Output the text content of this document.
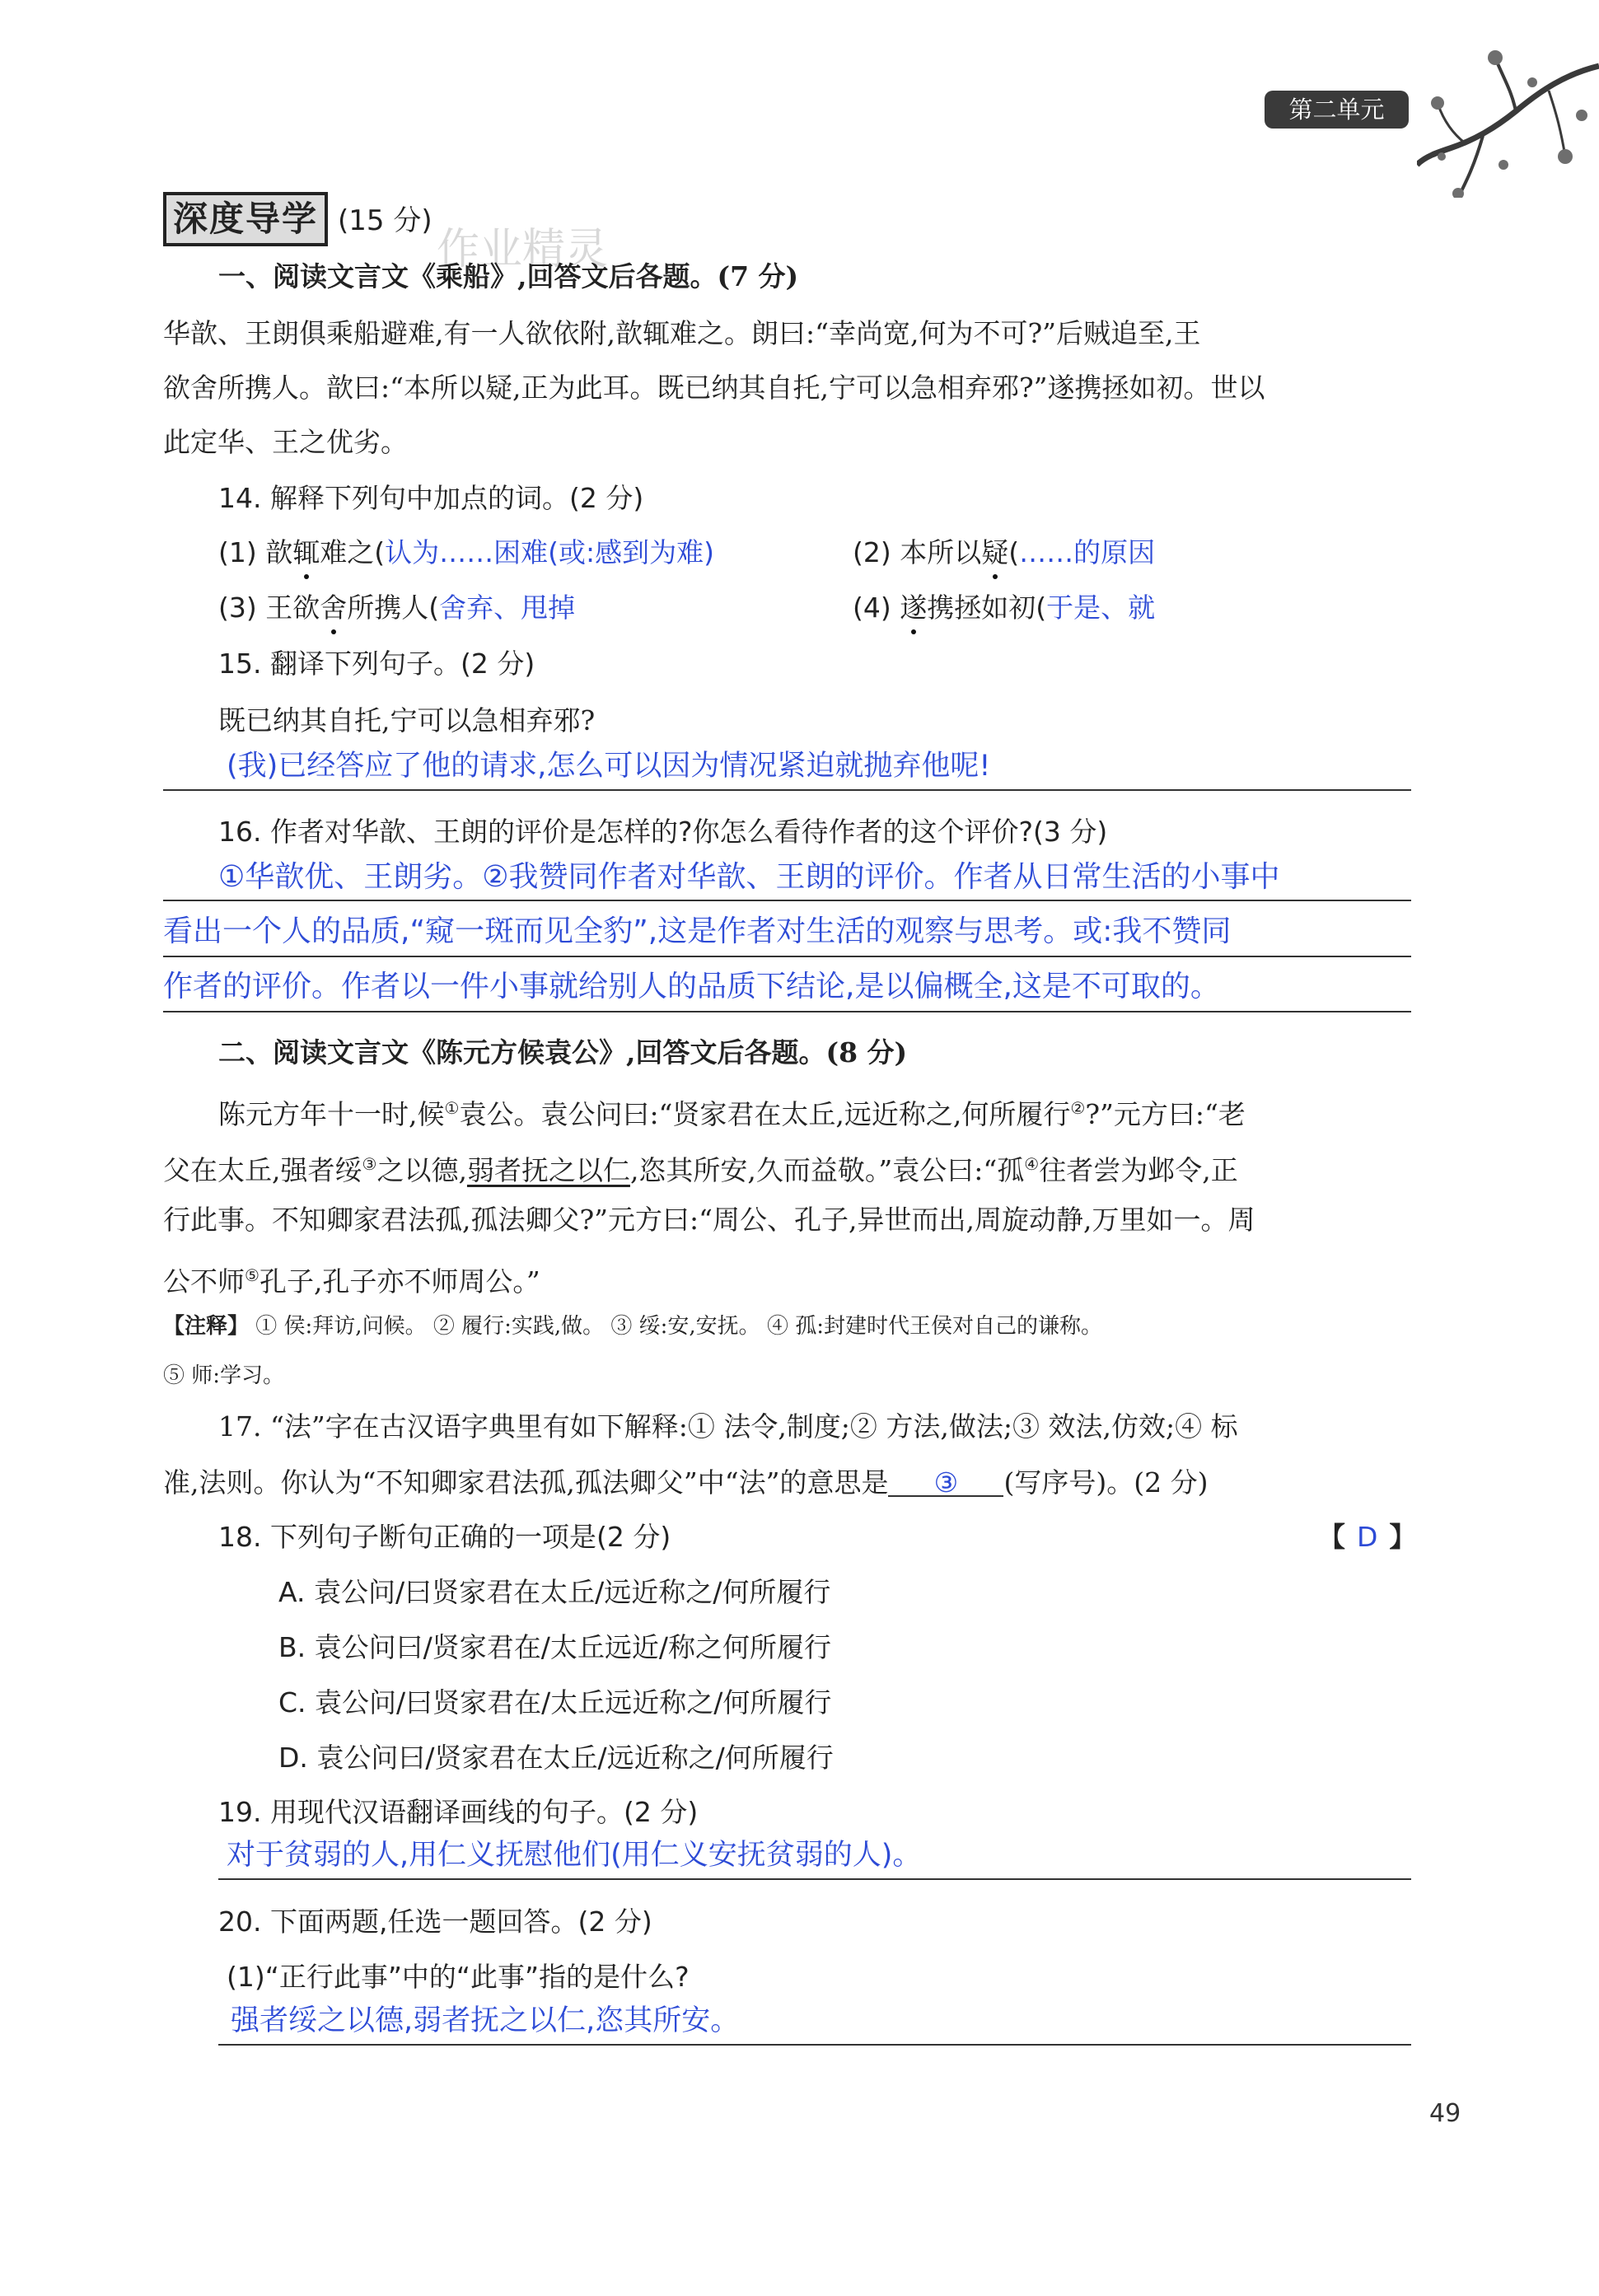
第二单元
深度导学 (15 分)
作业精灵
一、阅读文言文《乘船》,回答文后各题。(7 分)
华歆、王朗俱乘船避难,有一人欲依附,歆辄难之。朗曰:“幸尚宽,何为不可?”后贼追至,王
欲舍所携人。歆曰:“本所以疑,正为此耳。既已纳其自托,宁可以急相弃邪?”遂携拯如初。世以
此定华、王之优劣。
14. 解释下列句中加点的词。(2 分)
(1) 歆辄难之(认为……困难(或:感到为难)	(2) 本所以疑(……的原因
(3) 王欲舍所携人(舍弃、甩掉	(4) 遂携拯如初(于是、就
15. 翻译下列句子。(2 分)
既已纳其自托,宁可以急相弃邪?
(我)已经答应了他的请求,怎么可以因为情况紧迫就抛弃他呢!
16. 作者对华歆、王朗的评价是怎样的?你怎么看待作者的这个评价?(3 分)
①华歆优、王朗劣。②我赞同作者对华歆、王朗的评价。作者从日常生活的小事中
看出一个人的品质,“窥一斑而见全豹”,这是作者对生活的观察与思考。或:我不赞同
作者的评价。作者以一件小事就给别人的品质下结论,是以偏概全,这是不可取的。
二、阅读文言文《陈元方候袁公》,回答文后各题。(8 分)
陈元方年十一时,候①袁公。袁公问曰:“贤家君在太丘,远近称之,何所履行②?”元方曰:“老
父在太丘,强者绥③之以德,弱者抚之以仁,恣其所安,久而益敬。”袁公曰:“孤④往者尝为邺令,正
行此事。不知卿家君法孤,孤法卿父?”元方曰:“周公、孔子,异世而出,周旋动静,万里如一。周
公不师⑤孔子,孔子亦不师周公。”
【注释】 ① 侯:拜访,问候。 ② 履行:实践,做。 ③ 绥:安,安抚。 ④ 孤:封建时代王侯对自己的谦称。
⑤ 师:学习。
17. “法”字在古汉语字典里有如下解释:① 法令,制度;② 方法,做法;③ 效法,仿效;④ 标
准,法则。你认为“不知卿家君法孤,孤法卿父”中“法”的意思是 ③ (写序号)。(2 分)
18. 下列句子断句正确的一项是(2 分)	【 D 】
A. 袁公问/曰贤家君在太丘/远近称之/何所履行
B. 袁公问曰/贤家君在/太丘远近/称之何所履行
C. 袁公问/曰贤家君在/太丘远近称之/何所履行
D. 袁公问曰/贤家君在太丘/远近称之/何所履行
19. 用现代汉语翻译画线的句子。(2 分)
对于贫弱的人,用仁义抚慰他们(用仁义安抚贫弱的人)。
20. 下面两题,任选一题回答。(2 分)
(1)“正行此事”中的“此事”指的是什么?
强者绥之以德,弱者抚之以仁,恣其所安。
49
